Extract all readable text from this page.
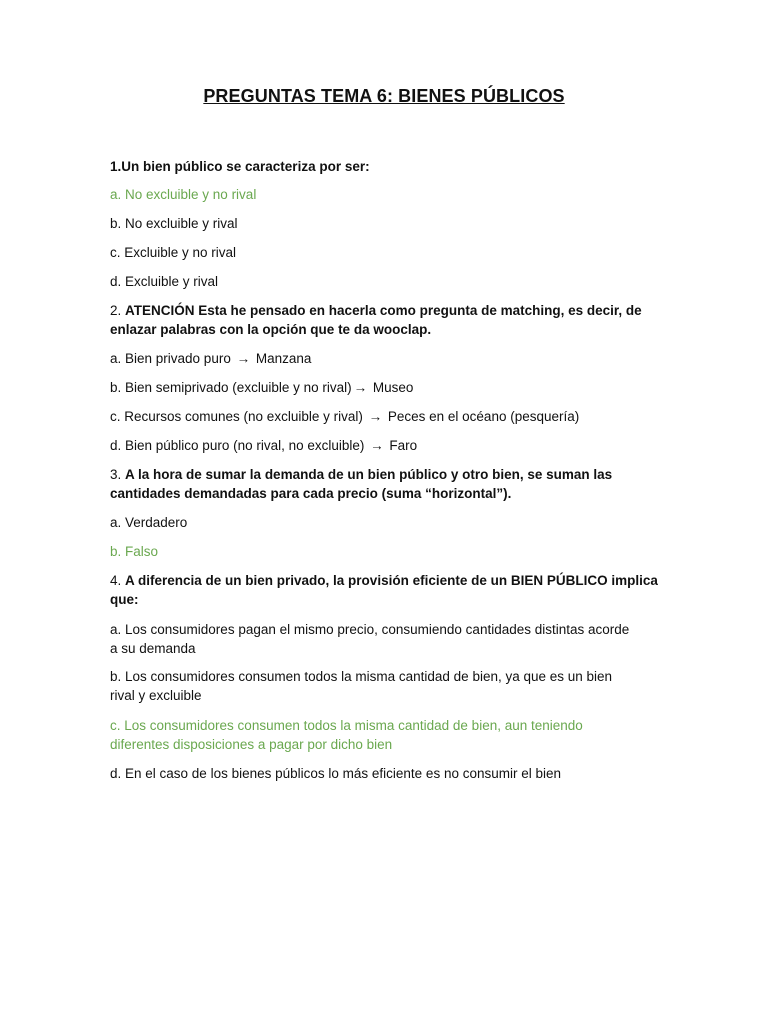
PREGUNTAS TEMA 6: BIENES PÚBLICOS
1.Un bien público se caracteriza por ser:
a. No excluible y no rival
b. No excluible y rival
c. Excluible y no rival
d. Excluible y rival
2. ATENCIÓN Esta he pensado en hacerla como pregunta de matching, es decir, de
enlazar palabras con la opción que te da wooclap.
a. Bien privado puro → Manzana
b. Bien semiprivado (excluible y no rival) → Museo
c. Recursos comunes (no excluible y rival) → Peces en el océano (pesquería)
d. Bien público puro (no rival, no excluible) → Faro
3. A la hora de sumar la demanda de un bien público y otro bien, se suman las
cantidades demandadas para cada precio (suma “horizontal”).
a. Verdadero
b. Falso
4. A diferencia de un bien privado, la provisión eficiente de un BIEN PÚBLICO implica
que:
a. Los consumidores pagan el mismo precio, consumiendo cantidades distintas acorde
a su demanda
b. Los consumidores consumen todos la misma cantidad de bien, ya que es un bien
rival y excluible
c. Los consumidores consumen todos la misma cantidad de bien, aun teniendo
diferentes disposiciones a pagar por dicho bien
d. En el caso de los bienes públicos lo más eficiente es no consumir el bien
